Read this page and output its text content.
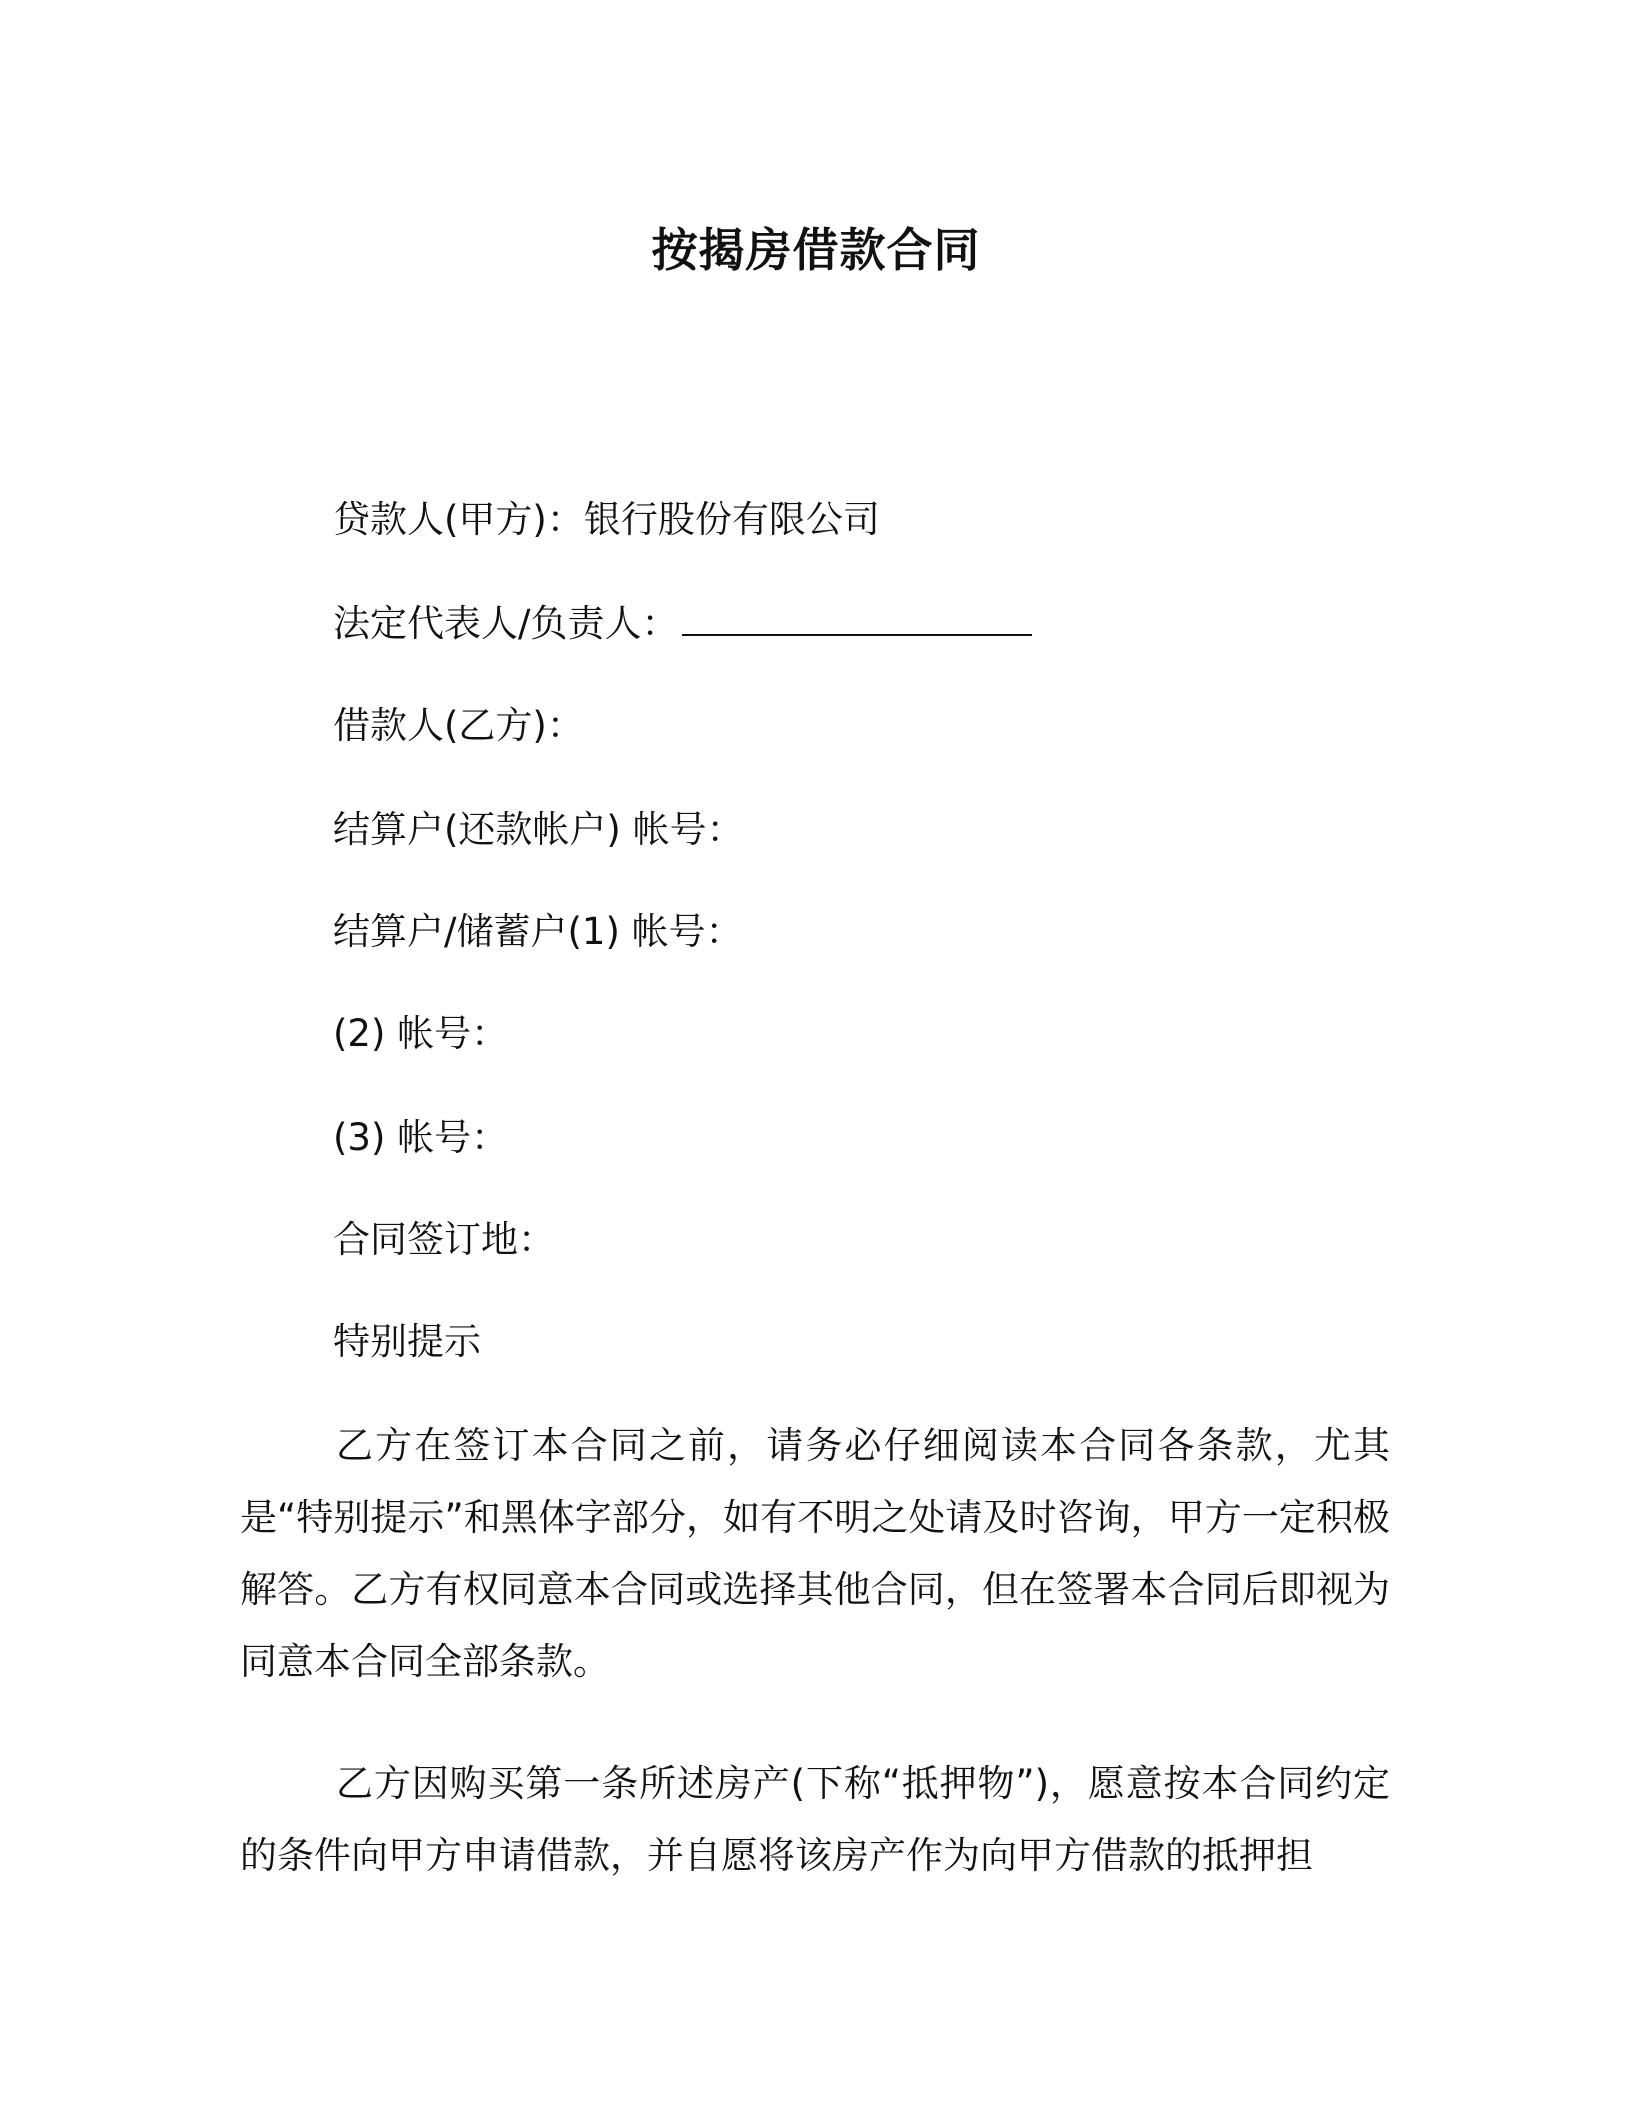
按揭房借款合同
贷款人(甲方)：银行股份有限公司
法定代表人/负责人：
借款人(乙方)：
结算户(还款帐户) 帐号：
结算户/储蓄户(1) 帐号：
(2) 帐号：
(3) 帐号：
合同签订地：
特别提示
乙方在签订本合同之前，请务必仔细阅读本合同各条款，尤其是“特别提示”和黑体字部分，如有不明之处请及时咨询，甲方一定积极解答。乙方有权同意本合同或选择其他合同，但在签署本合同后即视为同意本合同全部条款。
乙方因购买第一条所述房产(下称“抵押物”)，愿意按本合同约定的条件向甲方申请借款，并自愿将该房产作为向甲方借款的抵押担
